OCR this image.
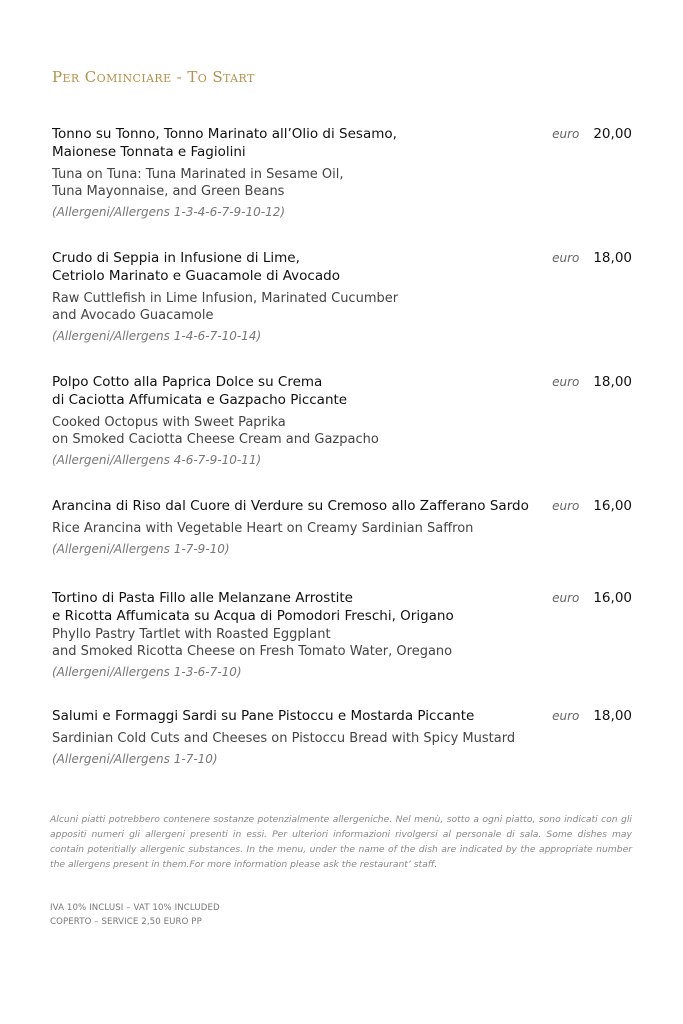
Per Cominciare - To Start
Tonno su Tonno, Tonno Marinato all’Olio di Sesamo,
Maionese Tonnata e Fagiolini
euro 20,00
Tuna on Tuna: Tuna Marinated in Sesame Oil,
Tuna Mayonnaise, and Green Beans
(Allergeni/Allergens 1-3-4-6-7-9-10-12)
Crudo di Seppia in Infusione di Lime,
Cetriolo Marinato e Guacamole di Avocado
euro 18,00
Raw Cuttlefish in Lime Infusion, Marinated Cucumber
and Avocado Guacamole
(Allergeni/Allergens 1-4-6-7-10-14)
Polpo Cotto alla Paprica Dolce su Crema
di Caciotta Affumicata e Gazpacho Piccante
euro 18,00
Cooked Octopus with Sweet Paprika
on Smoked Caciotta Cheese Cream and Gazpacho
(Allergeni/Allergens 4-6-7-9-10-11)
Arancina di Riso dal Cuore di Verdure su Cremoso allo Zafferano Sardo	euro 16,00
Rice Arancina with Vegetable Heart on Creamy Sardinian Saffron
(Allergeni/Allergens 1-7-9-10)
Tortino di Pasta Fillo alle Melanzane Arrostite
e Ricotta Affumicata su Acqua di Pomodori Freschi, Origano
euro 16,00
Phyllo Pastry Tartlet with Roasted Eggplant
and Smoked Ricotta Cheese on Fresh Tomato Water, Oregano
(Allergeni/Allergens 1-3-6-7-10)
Salumi e Formaggi Sardi su Pane Pistoccu e Mostarda Piccante	euro 18,00
Sardinian Cold Cuts and Cheeses on Pistoccu Bread with Spicy Mustard
(Allergeni/Allergens 1-7-10)
Alcuni piatti potrebbero contenere sostanze potenzialmente allergeniche. Nel menù, sotto a ogni piatto, sono indicati con gli appositi numeri gli allergeni presenti in essi. Per ulteriori informazioni rivolgersi al personale di sala. Some dishes may contain potentially allergenic substances. In the menu, under the name of the dish are indicated by the appropriate number the allergens present in them.For more information please ask the restaurant’ staff.
IVA 10% INCLUSI – VAT 10% INCLUDED
COPERTO – SERVICE 2,50 EURO PP
